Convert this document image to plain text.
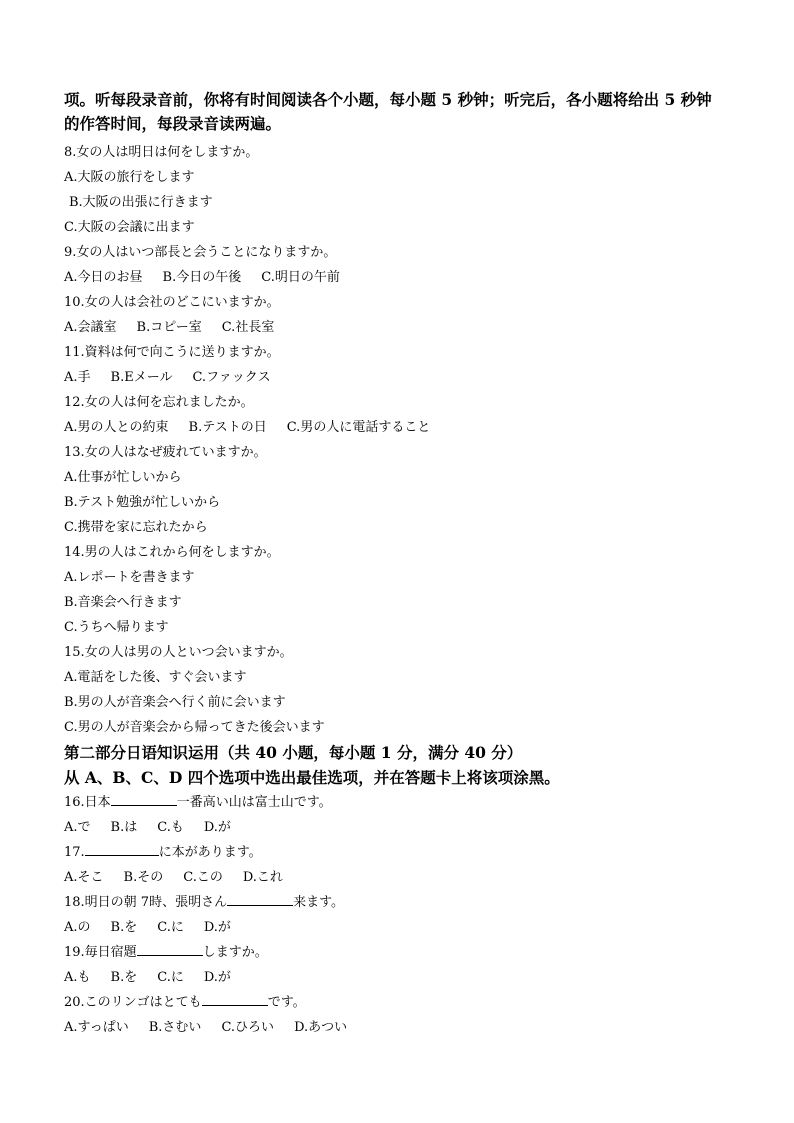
项。听每段录音前，你将有时间阅读各个小题，每小题 5 秒钟；听完后，各小题将给出 5 秒钟
的作答时间，每段录音读两遍。

8.女の人は明日は何をしますか。
A.大阪の旅行をします
B.大阪の出張に行きます
C.大阪の会議に出ます
9.女の人はいつ部長と会うことになりますか。
A.今日のお昼 B.今日の午後 C.明日の午前
10.女の人は会社のどこにいますか。
A.会議室 B.コピー室 C.社長室
11.資料は何で向こうに送りますか。
A.手 B.Eメール C.ファックス
12.女の人は何を忘れましたか。
A.男の人との約束 B.テストの日 C.男の人に電話すること
13.女の人はなぜ疲れていますか。
A.仕事が忙しいから
B.テスト勉強が忙しいから
C.携帯を家に忘れたから
14.男の人はこれから何をしますか。
A.レポートを書きます
B.音楽会へ行きます
C.うちへ帰ります
15.女の人は男の人といつ会いますか。
A.電話をした後、すぐ会います
B.男の人が音楽会へ行く前に会います
C.男の人が音楽会から帰ってきた後会います
第二部分日语知识运用（共 40 小题，每小题 1 分，满分 40 分）
从 A、B、C、D 四个选项中选出最佳选项，并在答题卡上将该项涂黑。
16.日本	一番高い山は富士山です。
A.で B.は C.も D.が
17.	に本があります。
A.そこ B.その C.この D.これ
18.明日の朝 7時、張明さん	来ます。
A.の B.を C.に D.が
19.毎日宿題	しますか。
A.も B.を C.に D.が
20.このリンゴはとても	です。
A.すっぱい B.さむい C.ひろい D.あつい
